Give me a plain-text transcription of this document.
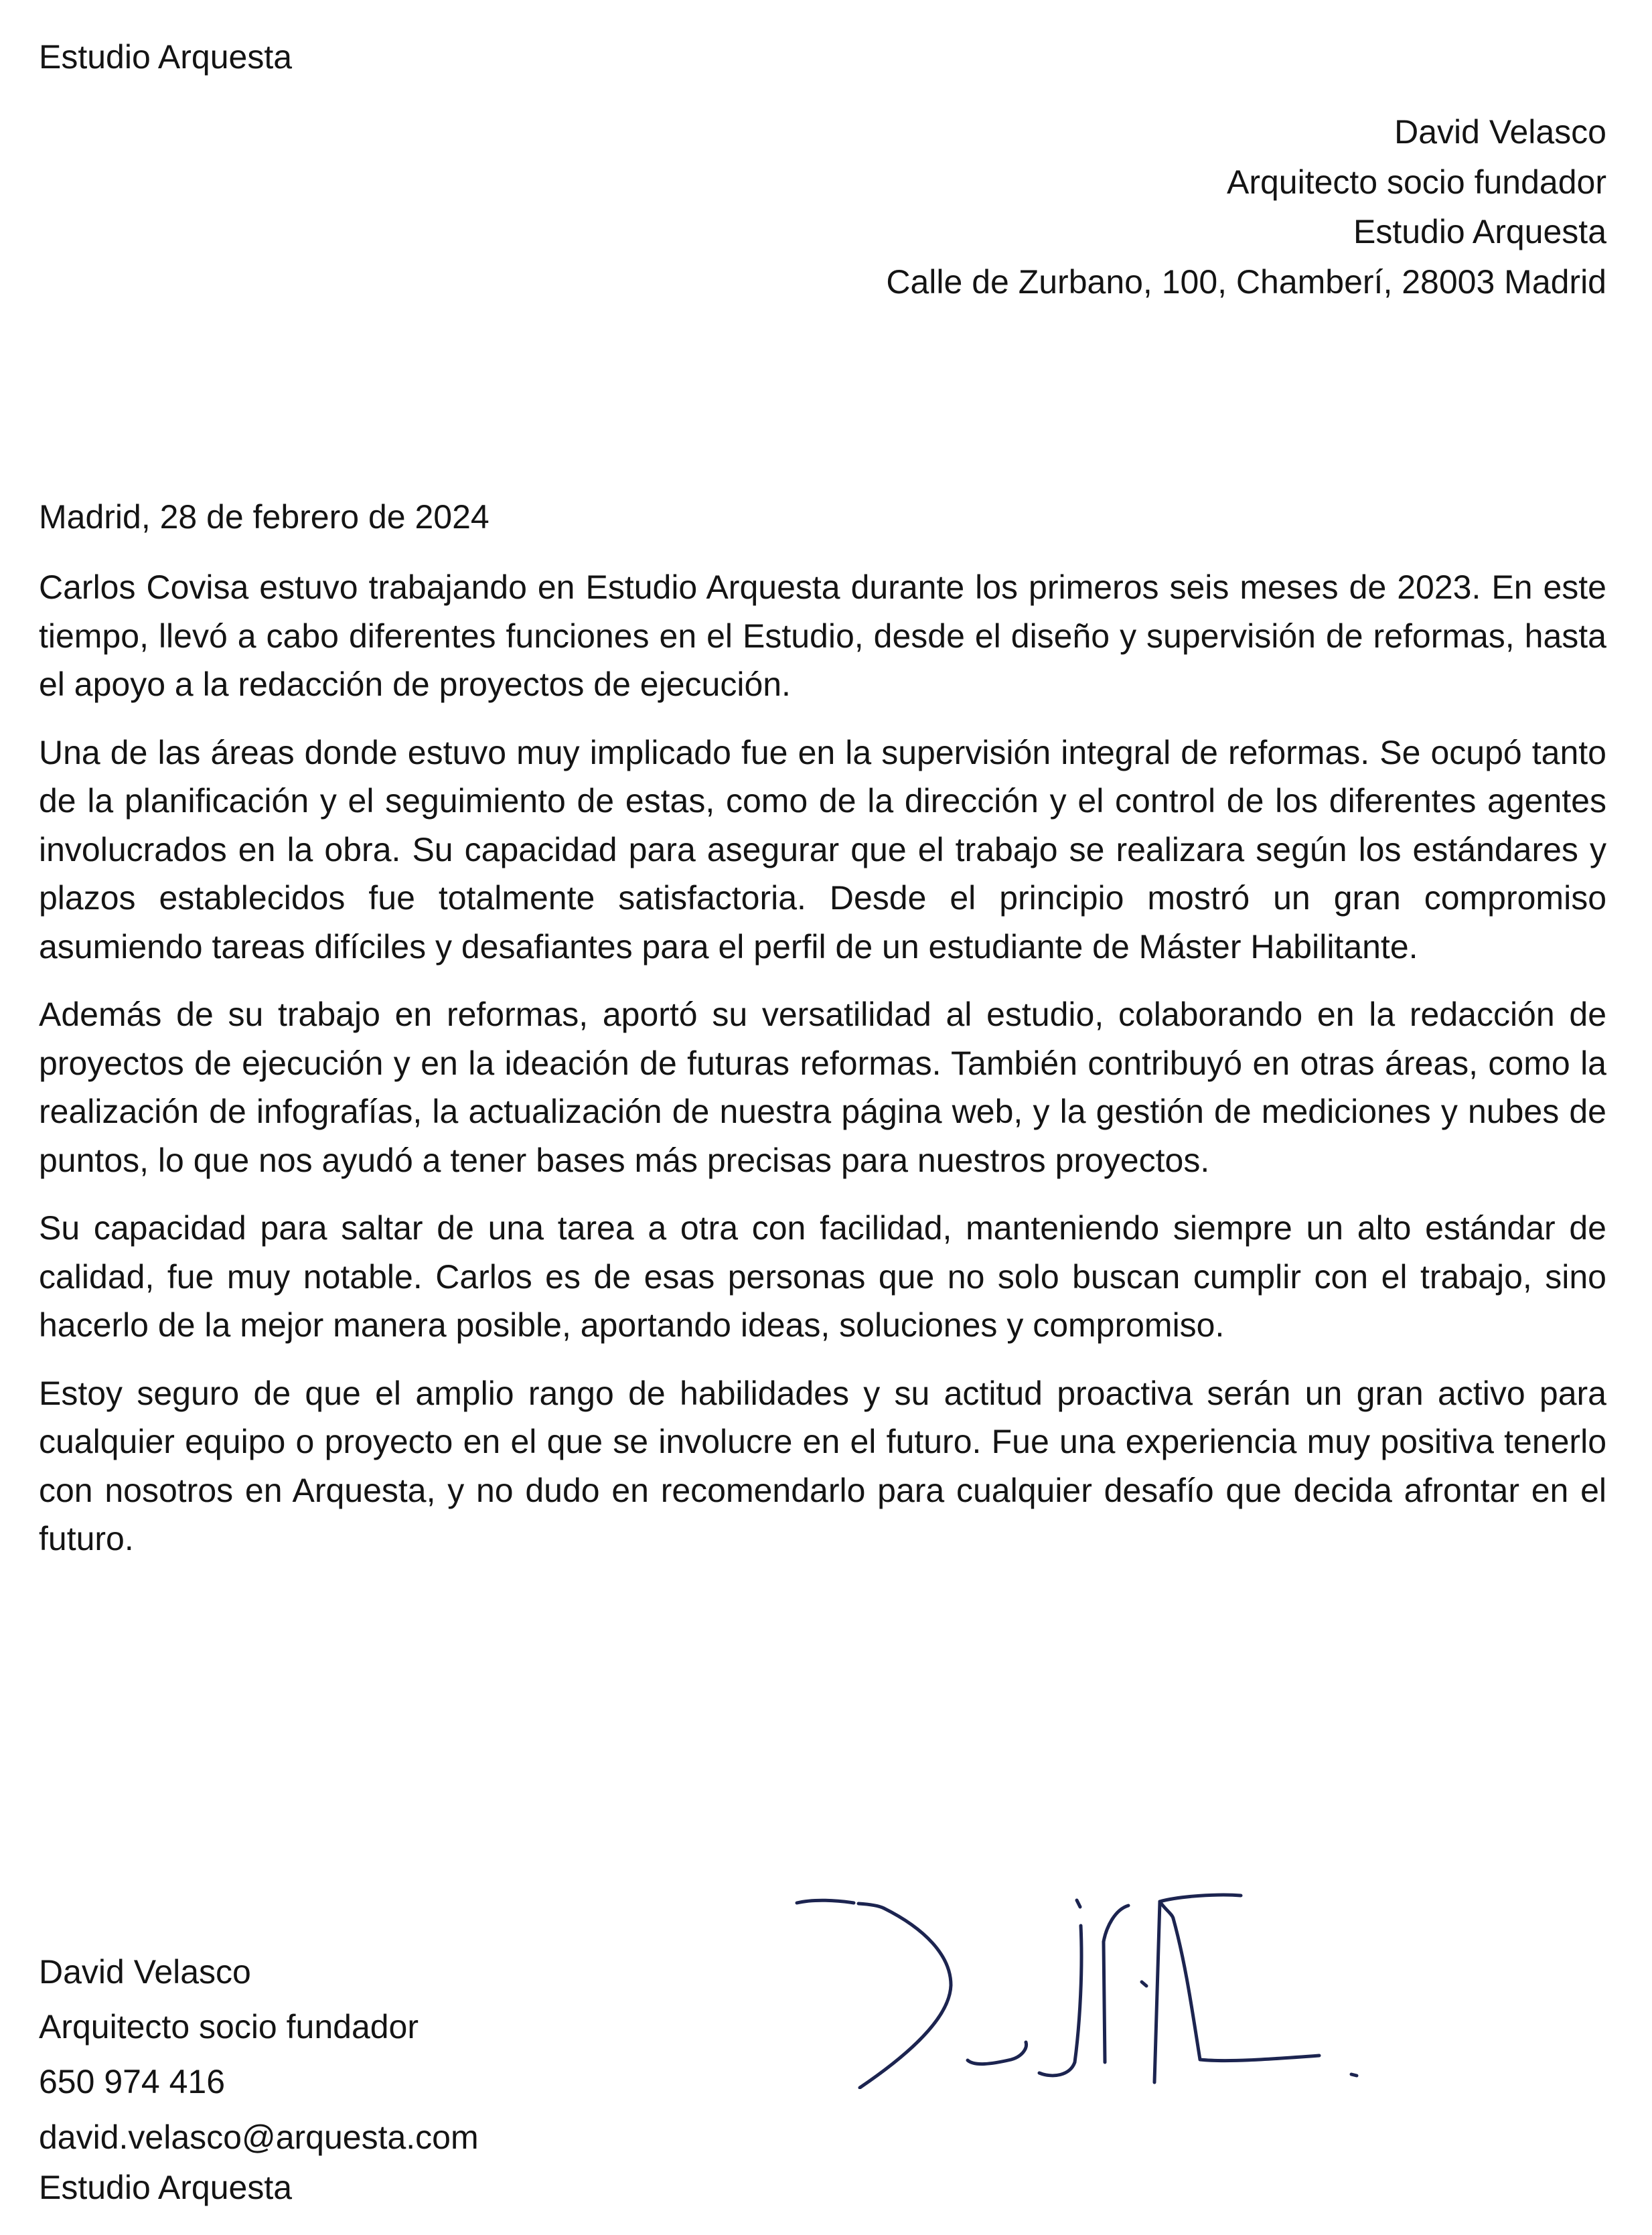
Estudio Arquesta
David Velasco
Arquitecto socio fundador
Estudio Arquesta
Calle de Zurbano, 100, Chamberí, 28003 Madrid
Madrid, 28 de febrero de 2024

Carlos Covisa estuvo trabajando en Estudio Arquesta durante los primeros seis meses de 2023. En este tiempo, llevó a cabo diferentes funciones en el Estudio, desde el diseño y supervisión de reformas, hasta el apoyo a la redacción de proyectos de ejecución.

Una de las áreas donde estuvo muy implicado fue en la supervisión integral de reformas. Se ocupó tanto de la planificación y el seguimiento de estas, como de la dirección y el control de los diferentes agentes involucrados en la obra. Su capacidad para asegurar que el trabajo se realizara según los estándares y plazos establecidos fue totalmente satisfactoria. Desde el principio mostró un gran compromiso asumiendo tareas difíciles y desafiantes para el perfil de un estudiante de Máster Habilitante.

Además de su trabajo en reformas, aportó su versatilidad al estudio, colaborando en la redacción de proyectos de ejecución y en la ideación de futuras reformas. También contribuyó en otras áreas, como la realización de infografías, la actualización de nuestra página web, y la gestión de mediciones y nubes de puntos, lo que nos ayudó a tener bases más precisas para nuestros proyectos.

Su capacidad para saltar de una tarea a otra con facilidad, manteniendo siempre un alto estándar de calidad, fue muy notable. Carlos es de esas personas que no solo buscan cumplir con el trabajo, sino hacerlo de la mejor manera posible, aportando ideas, soluciones y compromiso.

Estoy seguro de que el amplio rango de habilidades y su actitud proactiva serán un gran activo para cualquier equipo o proyecto en el que se involucre en el futuro. Fue una experiencia muy positiva tenerlo con nosotros en Arquesta, y no dudo en recomendarlo para cualquier desafío que decida afrontar en el futuro.

David Velasco
Arquitecto socio fundador
650 974 416
david.velasco@arquesta.com
Estudio Arquesta
